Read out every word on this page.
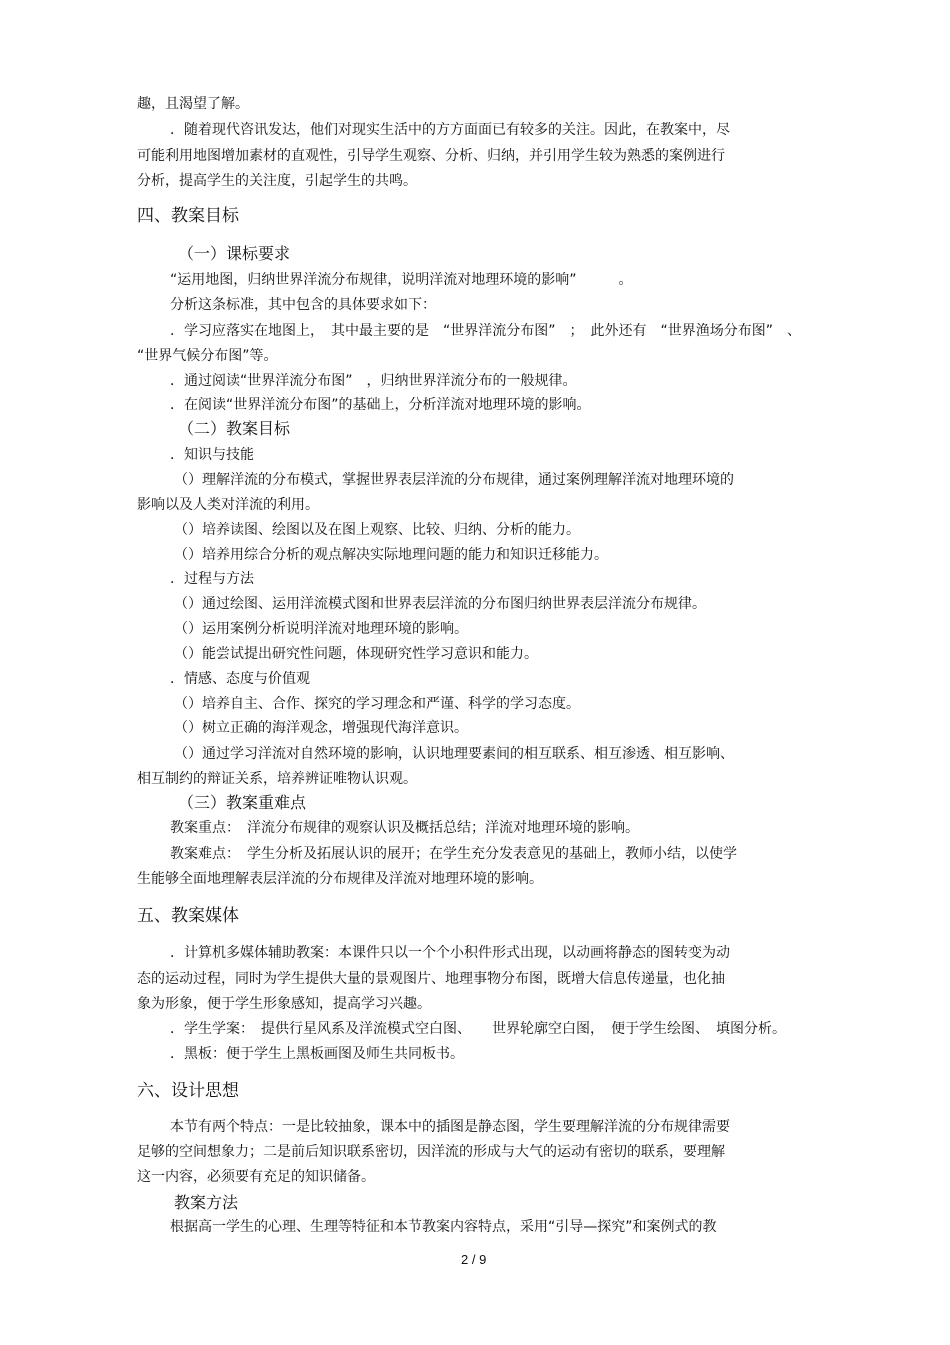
趣，且渴望了解。
．随着现代咨讯发达，他们对现实生活中的方方面面已有较多的关注。因此，在教案中，尽
可能利用地图增加素材的直观性，引导学生观察、分析、归纳，并引用学生较为熟悉的案例进行
分析，提高学生的关注度，引起学生的共鸣。
四、教案目标
（一）课标要求
“运用地图，归纳世界洋流分布规律，说明洋流对地理环境的影响”　　　。
分析这条标准，其中包含的具体要求如下：
．学习应落实在地图上，　其中最主要的是　“世界洋流分布图”　；　此外还有　“世界渔场分布图”　、
“世界气候分布图”等。
．通过阅读“世界洋流分布图”　，归纳世界洋流分布的一般规律。
．在阅读“世界洋流分布图”的基础上，分析洋流对地理环境的影响。
（二）教案目标
．知识与技能
（）理解洋流的分布模式，掌握世界表层洋流的分布规律，通过案例理解洋流对地理环境的
影响以及人类对洋流的利用。
（）培养读图、绘图以及在图上观察、比较、归纳、分析的能力。
（）培养用综合分析的观点解决实际地理问题的能力和知识迁移能力。
．过程与方法
（）通过绘图、运用洋流模式图和世界表层洋流的分布图归纳世界表层洋流分布规律。
（）运用案例分析说明洋流对地理环境的影响。
（）能尝试提出研究性问题，体现研究性学习意识和能力。
．情感、态度与价值观
（）培养自主、合作、探究的学习理念和严谨、科学的学习态度。
（）树立正确的海洋观念，增强现代海洋意识。
（）通过学习洋流对自然环境的影响，认识地理要素间的相互联系、相互渗透、相互影响、
相互制约的辩证关系，培养辨证唯物认识观。
（三）教案重难点
教案重点：　洋流分布规律的观察认识及概括总结；洋流对地理环境的影响。
教案难点：　学生分析及拓展认识的展开；在学生充分发表意见的基础上，教师小结，以使学
生能够全面地理解表层洋流的分布规律及洋流对地理环境的影响。
五、教案媒体
．计算机多媒体辅助教案：本课件只以一个个小积件形式出现，以动画将静态的图转变为动
态的运动过程，同时为学生提供大量的景观图片、地理事物分布图，既增大信息传递量，也化抽
象为形象，便于学生形象感知，提高学习兴趣。
．学生学案：　提供行星风系及洋流模式空白图、　　世界轮廓空白图，　便于学生绘图、　填图分析。
．黑板：便于学生上黑板画图及师生共同板书。
六、设计思想
本节有两个特点：一是比较抽象，课本中的插图是静态图，学生要理解洋流的分布规律需要
足够的空间想象力；二是前后知识联系密切，因洋流的形成与大气的运动有密切的联系，要理解
这一内容，必须要有充足的知识储备。
教案方法
根据高一学生的心理、生理等特征和本节教案内容特点，采用“引导—探究”和案例式的教
2 / 9
